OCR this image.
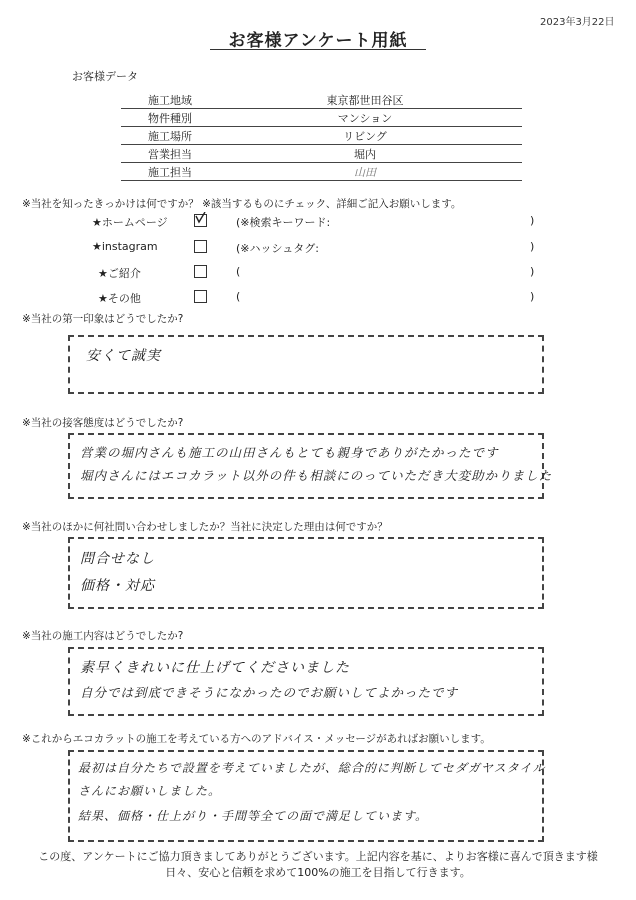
2023年3月22日
お客様アンケート用紙
お客様データ
施工地域	東京都世田谷区
物件種別	マンション
施工場所	リビング
営業担当	堀内
施工担当	山田
※当社を知ったきっかけは何ですか？ ※該当するものにチェック、詳細ご記入お願いします。
★ホームページ	(※検索キーワード:	)
★instagram	(※ハッシュタグ:	)
★ご紹介	(	)
★その他	(	)
※当社の第一印象はどうでしたか?
安くて誠実
※当社の接客態度はどうでしたか?
営業の堀内さんも施工の山田さんもとても親身でありがたかったです
堀内さんにはエコカラット以外の件も相談にのっていただき大変助かりました
※当社のほかに何社問い合わせしましたか？当社に決定した理由は何ですか？
問合せなし
価格・対応
※当社の施工内容はどうでしたか?
素早くきれいに仕上げてくださいました
自分では到底できそうになかったのでお願いしてよかったです
※これからエコカラットの施工を考えている方へのアドバイス・メッセージがあればお願いします。
最初は自分たちで設置を考えていましたが、総合的に判断してセダガヤスタイル
さんにお願いしました。
結果、価格・仕上がり・手間等全ての面で満足しています。
この度、アンケートにご協力頂きましてありがとうございます。上記内容を基に、よりお客様に喜んで頂きます様
日々、安心と信頼を求めて100%の施工を目指して行きます。
